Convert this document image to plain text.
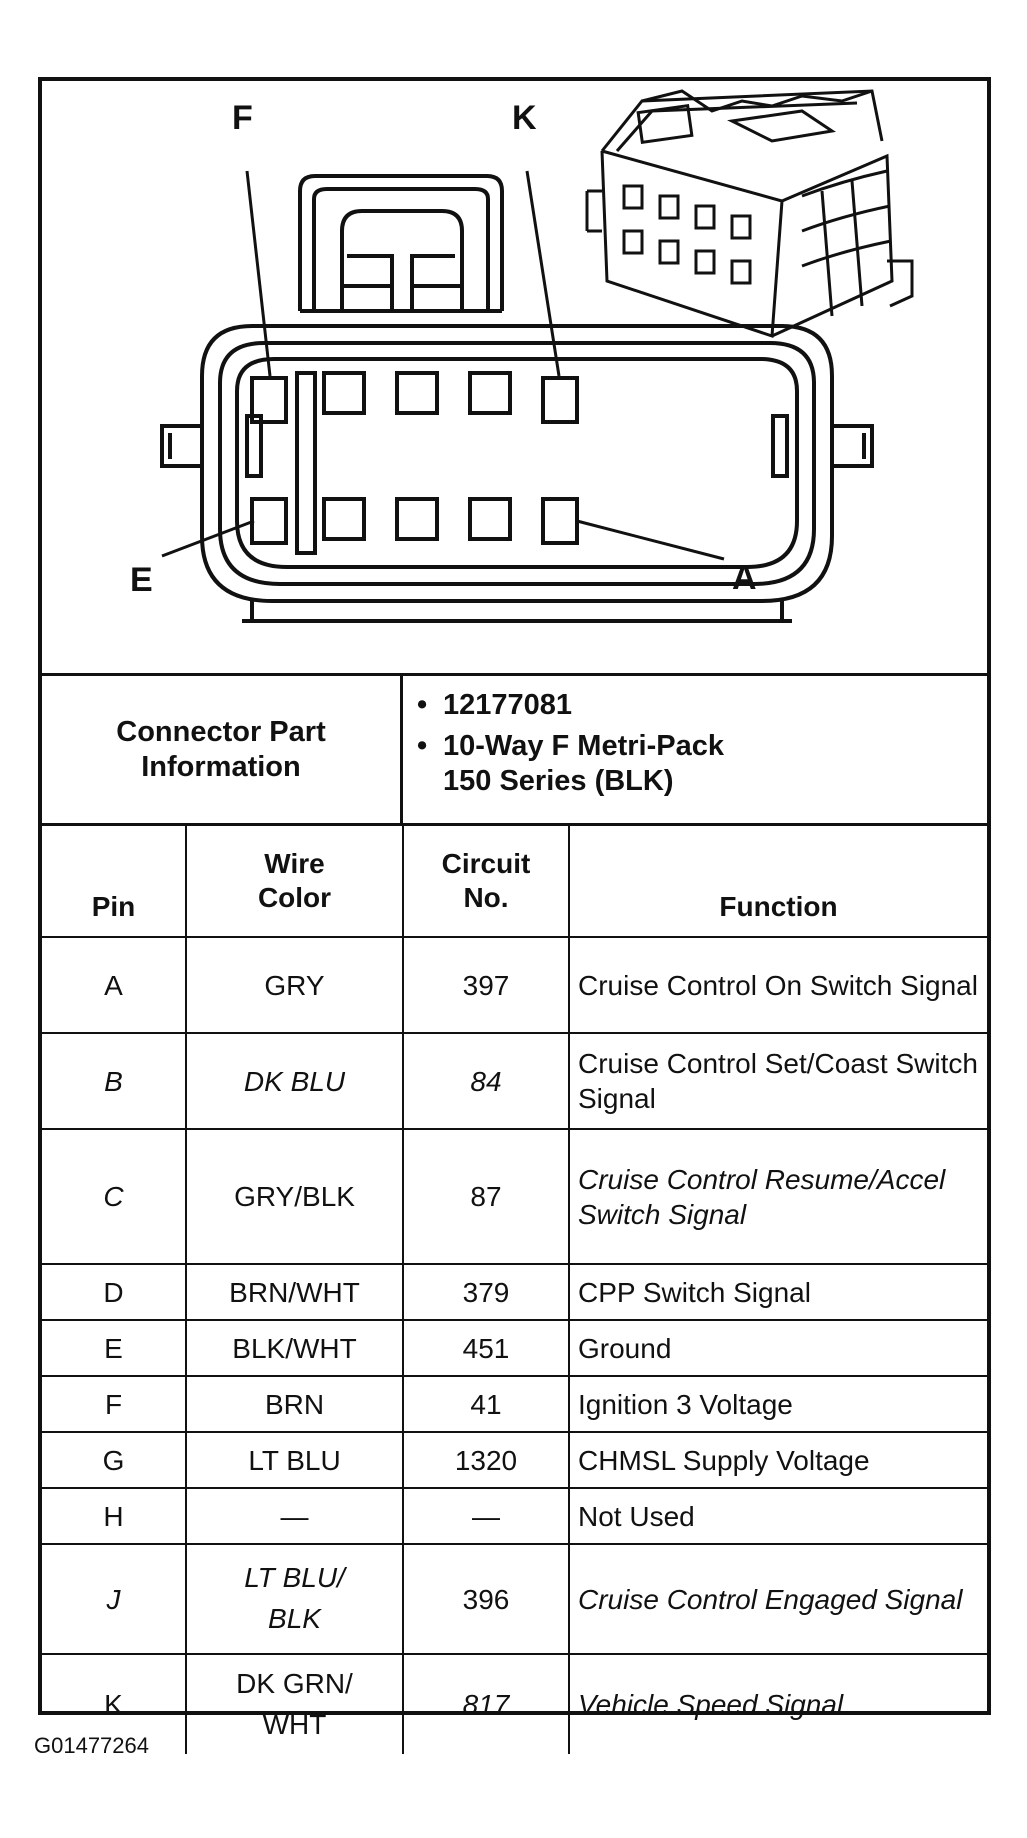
F	K
E	A
Connector Part Information
• 12177081
• 10-Way F Metri-Pack 150 Series (BLK)
Pin	Wire Color	Circuit No.	Function
A	GRY	397	Cruise Control On Switch Signal
B	DK BLU	84	Cruise Control Set/Coast Switch Signal
C	GRY/BLK	87	Cruise Control Resume/Accel Switch Signal
D	BRN/WHT	379	CPP Switch Signal
E	BLK/WHT	451	Ground
F	BRN	41	Ignition 3 Voltage
G	LT BLU	1320	CHMSL Supply Voltage
H	—	—	Not Used
J	LT BLU/ BLK	396	Cruise Control Engaged Signal
K	DK GRN/ WHT	817	Vehicle Speed Signal
G01477264
